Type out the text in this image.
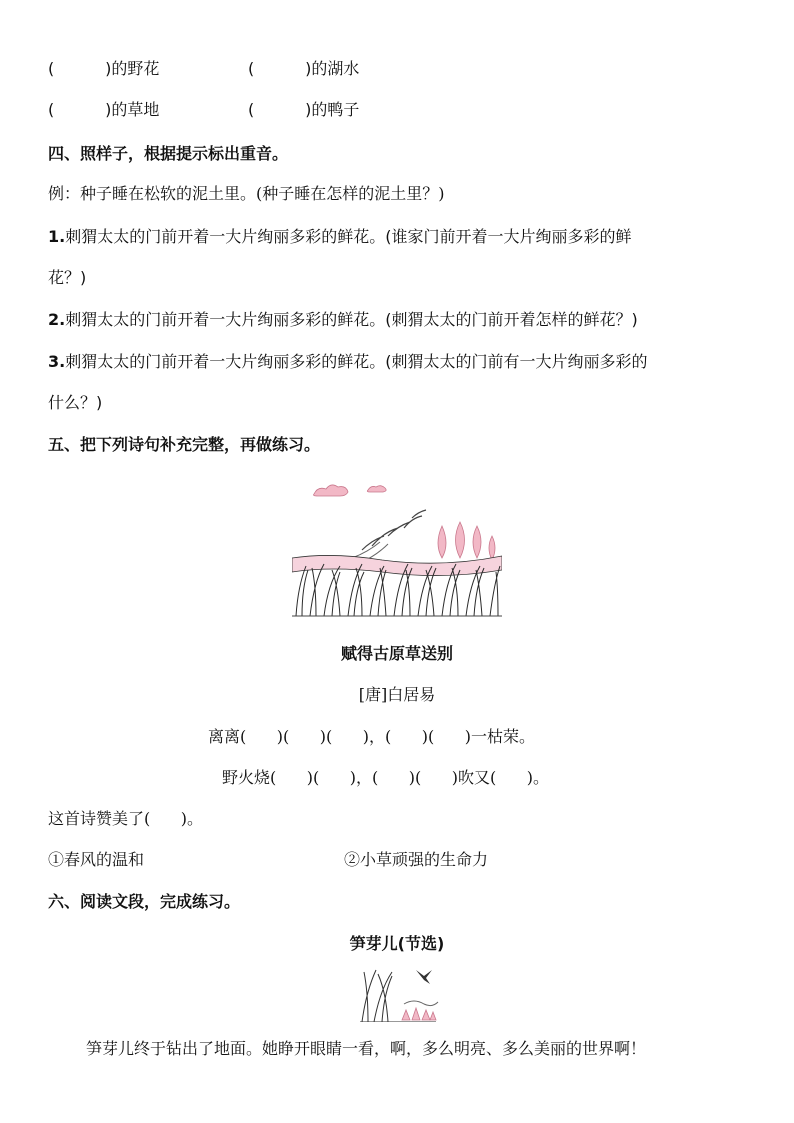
(          )的野花	(          )的湖水
(          )的草地	(          )的鸭子
四、照样子，根据提示标出重音。
例：种子睡在松软的泥土里。(种子睡在怎样的泥土里？)
1.刺猬太太的门前开着一大片绚丽多彩的鲜花。(谁家门前开着一大片绚丽多彩的鲜
花？)
2.刺猬太太的门前开着一大片绚丽多彩的鲜花。(刺猬太太的门前开着怎样的鲜花？)
3.刺猬太太的门前开着一大片绚丽多彩的鲜花。(刺猬太太的门前有一大片绚丽多彩的
什么？)
五、把下列诗句补充完整，再做练习。
赋得古原草送别
[唐]白居易
离离(      )(      )(      )，(      )(      )一枯荣。
野火烧(      )(      )，(      )(      )吹又(      )。
这首诗赞美了(      )。
①春风的温和	②小草顽强的生命力
六、阅读文段，完成练习。
笋芽儿(节选)
笋芽儿终于钻出了地面。她睁开眼睛一看，啊，多么明亮、多么美丽的世界啊！
